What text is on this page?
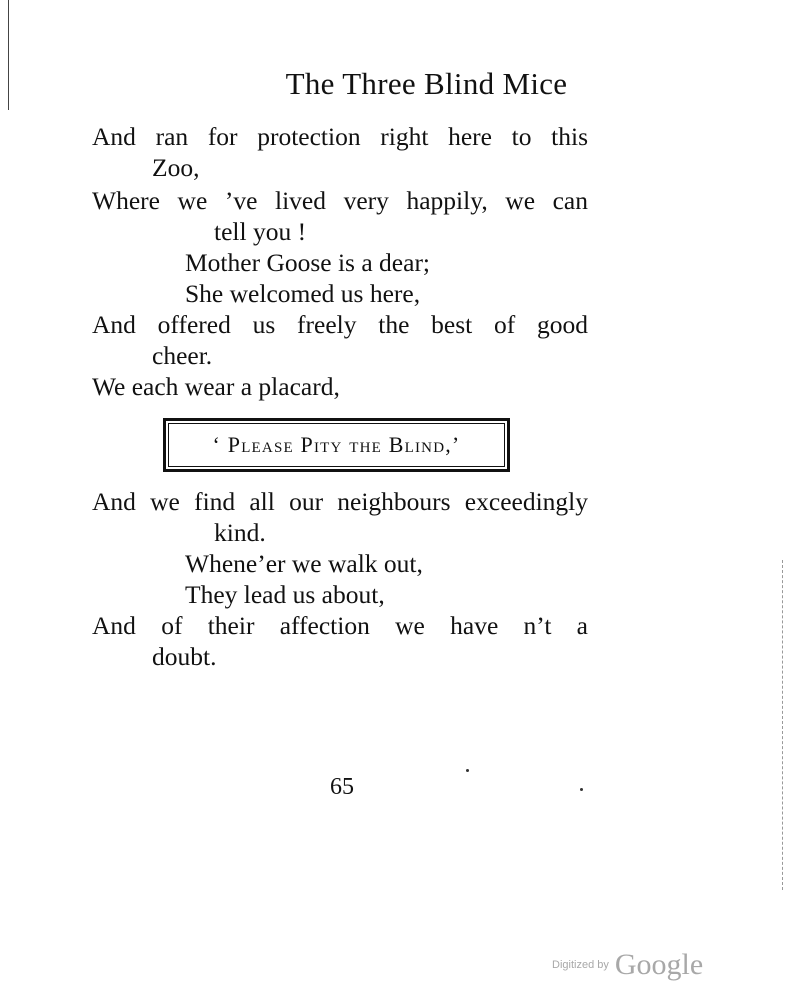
The Three Blind Mice
And ran for protection right here to this
Zoo,
Where we ’ve lived very happily, we can
tell you !
Mother Goose is a dear;
She welcomed us here,
And offered us freely the best of good
cheer.
We each wear a placard,
‘ Please Pity the Blind,’
And we find all our neighbours exceedingly
kind.
Whene’er we walk out,
They lead us about,
And of their affection we have n’t a
doubt.
65
Digitized by Google
